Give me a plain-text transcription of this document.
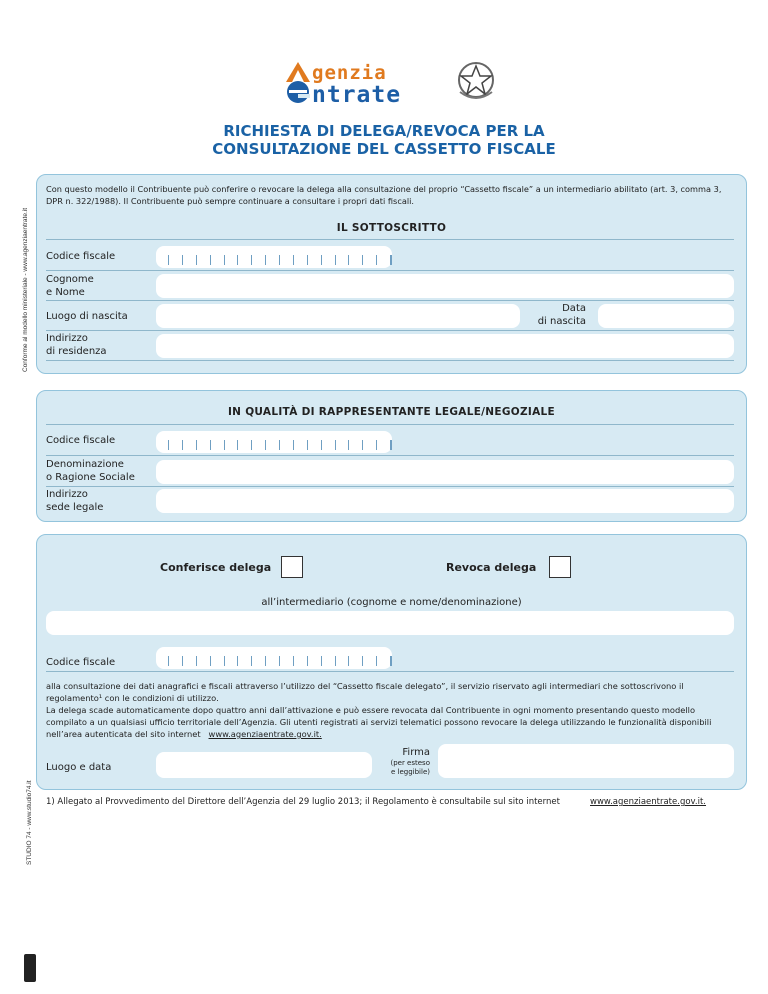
genzia
ntrate
RICHIESTA DI DELEGA/REVOCA PER LA
CONSULTAZIONE DEL CASSETTO FISCALE
Conforme al modello ministeriale - www.agenziaentrate.it
Con questo modello il Contribuente può conferire o revocare la delega alla consultazione del proprio “Cassetto fiscale” a un intermediario abilitato (art. 3, comma 3, DPR n. 322/1988). Il Contribuente può sempre continuare a consultare i propri dati fiscali.
IL SOTTOSCRITTO
Codice fiscale
Cognome
e Nome
Luogo di nascita
Data
di nascita
Indirizzo
di residenza
IN QUALITÀ DI RAPPRESENTANTE LEGALE/NEGOZIALE
Codice fiscale
Denominazione
o Ragione Sociale
Indirizzo
sede legale
Conferisce delega	Revoca delega
all’intermediario (cognome e nome/denominazione)
Codice fiscale
alla consultazione dei dati anagrafici e fiscali attraverso l’utilizzo del “Cassetto fiscale delegato”, il servizio riservato agli intermediari che sottoscrivono il regolamento¹ con le condizioni di utilizzo.
La delega scade automaticamente dopo quattro anni dall’attivazione e può essere revocata dal Contribuente in ogni momento presentando questo modello compilato a un qualsiasi ufficio territoriale dell’Agenzia. Gli utenti registrati ai servizi telematici possono revocare la delega utilizzando le funzionalità disponibili nell’area autenticata del sito internet www.agenziaentrate.gov.it.
Luogo e data
Firma
(per esteso
e leggibile)
1) Allegato al Provvedimento del Direttore dell’Agenzia del 29 luglio 2013; il Regolamento è consultabile sul sito internet	www.agenziaentrate.gov.it.
STUDIO 74 - www.studio74.it
